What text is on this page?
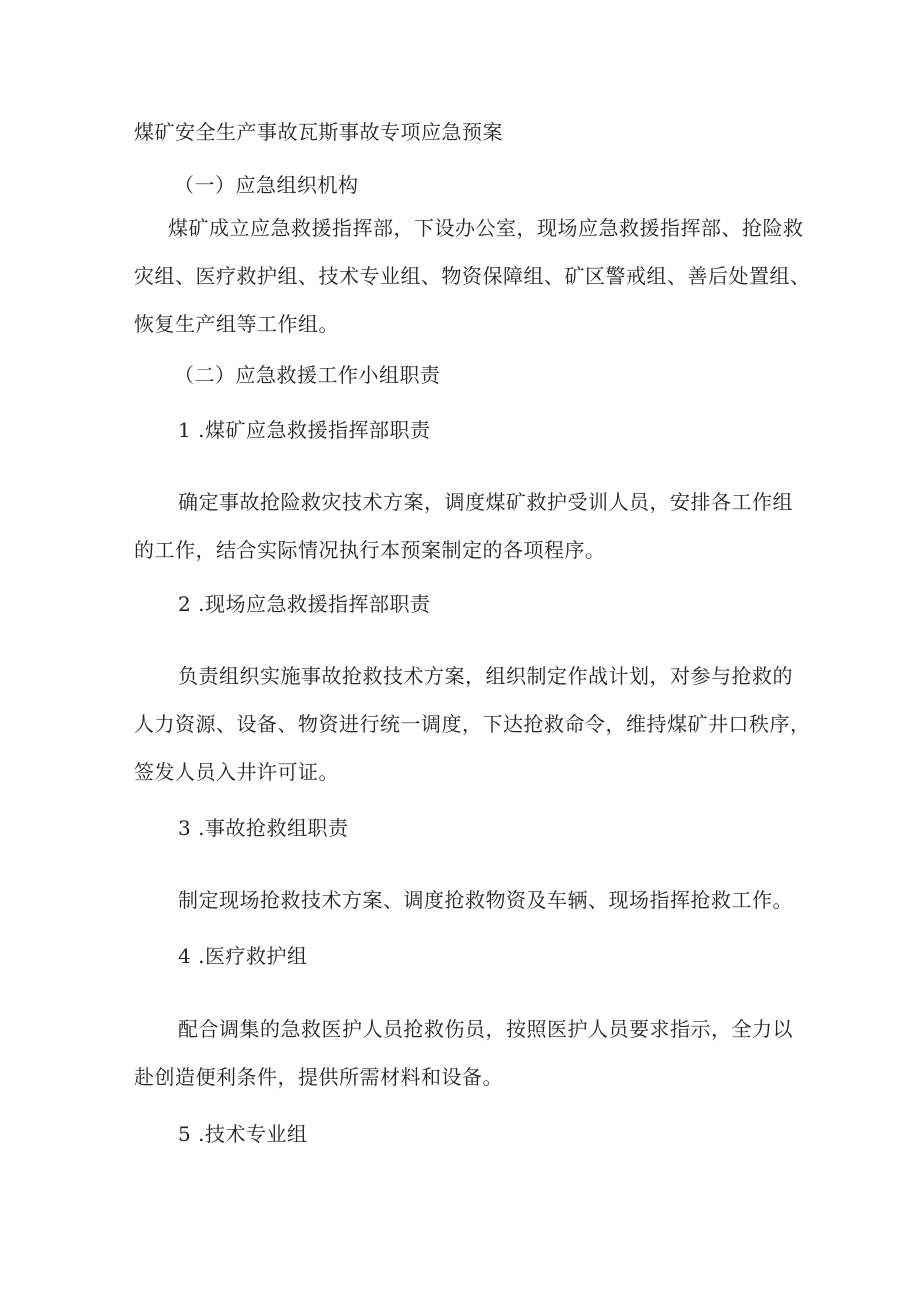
煤矿安全生产事故瓦斯事故专项应急预案
（一）应急组织机构
煤矿成立应急救援指挥部，下设办公室，现场应急救援指挥部、抢险救
灾组、医疗救护组、技术专业组、物资保障组、矿区警戒组、善后处置组、
恢复生产组等工作组。
（二）应急救援工作小组职责
1 .煤矿应急救援指挥部职责
确定事故抢险救灾技术方案，调度煤矿救护受训人员，安排各工作组
的工作，结合实际情况执行本预案制定的各项程序。
2 .现场应急救援指挥部职责
负责组织实施事故抢救技术方案，组织制定作战计划，对参与抢救的
人力资源、设备、物资进行统一调度，下达抢救命令，维持煤矿井口秩序，
签发人员入井许可证。
3 .事故抢救组职责
制定现场抢救技术方案、调度抢救物资及车辆、现场指挥抢救工作。
4 .医疗救护组
配合调集的急救医护人员抢救伤员，按照医护人员要求指示，全力以
赴创造便利条件，提供所需材料和设备。
5 .技术专业组
